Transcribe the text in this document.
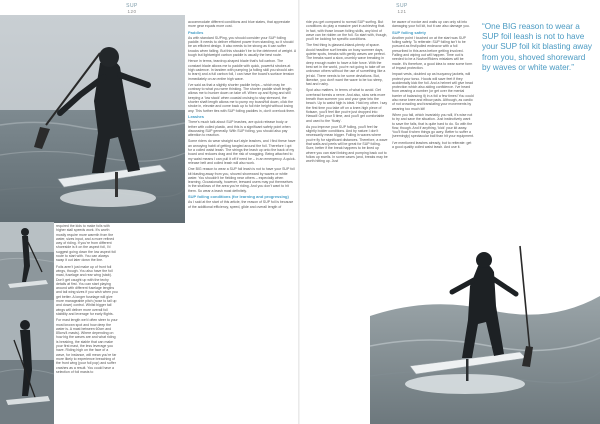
SUP
120

required the kids to make foils with higher stall speeds work. It’s worth mostly require more warmth from the water, sizes input, and a more refined way of riding. If you’re from different shoreside is it on the aspect foil, I’d suggest going down the low aspect foil route to start with. You can always swap it out later down the line.

Foils aren’t just make up of front foil wings, though. You also have the foil mast, fuselage and rear wing (stab). Don’t get caught up with the techy details at first. You can start playing around with different fuselage lengths and tail wing sizes if you wish when you get better. A longer fuselage will give more manageable pitch (nose to tail up and down) control. Whilst bigger tail wings will deliver more overall foil stability and leverage for early flights.

For mast length we’d often steer to your most known spot and how deep the water is. A mast between 60cm and 85cm/4 masts). Where depending on how big the waves are and what riding is breaking, the stable that can make your first mast, the less leverage you have. Riding high on the face of a wave, for instance, will mean you’re far more likely to experience breaching of the front wing (your foil pop) and suffer crashes as a result. You could have a selection of foil masts to

accommodate different conditions and blue states, that appreciate more gear equals more cost.

Paddles

As with standard SUPing, you should consider your SUP foiling paddle. It needs to deliver efficient power from standing, so it should be an efficient design. It also needs to be strong as it can suffer knocks when falling. But this shouldn’t be to the detriment of weight. A tough but lightweight carbon paddle is usually the best route.

Hence in terms, teardrop-shaped blade that’s full carbon. The constant blade allows me to paddle with quick, powerful strokes at high cadence. In tandem with pumping (a foiling skill you should aim to learn) and a full carbon foil, I can have the board’s surface tension immediately on an entire high wave.

I’ve said as that a slightly shorter paddle helps – which may be contrary to what you were thinking. The shorter paddle shaft length allows me to hunker down on take off. When up and flying and still keeping a ‘low stack’ when coastal cruising to stay stressed, the shorter shaft length allows me to pump my board/foil down, click the stroke in, elevate and come back up to full ride height without losing any. This further ties with SUP foiling paddles in, don’t overlook them.

Leashes

There’s much talk about SUP leashes, are quick release body or tether with coiled plastic, and this is a significant safety point when discussing SUP generally. With SUP foiling, you should also pay attention to reaction.

Some riders do wear straight surf-style leashes, and I find these have an annoying habit of getting tangled around the foil. Therefore I opt for a coiled waist leash. The strings the leash up onto the back of my board and reduces drag and the risk of snagging. Being attached to my waist means I can pull it off if need be – in an emergency. A quick-release belt and coiled leash will also work.

One BIG reason to wear a SUP foil leash is not to have your SUP foil kit blasting away from you, shoved shoreward by waves or white water. You shouldn’t be fielding near others – especially when learning. Occasionally, however, leeward users may put themselves in the shallows of the area you’re riding. And you don’t want to hit them. So wear a leash most definitely.

SUP foiling conditions (for learning and progressing)

As I said at the start of this article, the reason of SUP foil is because of the additional efficiency, speed, glide and overall length of

SUP
121

ride you get compared to normal SUP surfing. But conditions do play a massive part in achieving that. In fact, with those known foiling skills, any kind of wave can be ridden on the foil. So start with, though, you’ll be looking for specific conditions.

The first thing is glassed-inland-plenty of space. Avoid headline surf breaks on busy summer days, quieter spots, breaks with gently waves are perfect. The breaks want a slow, crumbly wave breaking in deep enough water to have a tide force. With the best set in the world, you’re not going to take off on unknown others without the use of something like a jet ski. There needs to be some deviations. But, likewise, you don’t want the wave to be too steep, fast and rushy.

Spot also matters. In terms of what to avoid. Get overhead forests a nerve. And also, slow sets more breath than summer you and your gear into the beach. Up to waist high is ideal. Hold my other. I say the first time you take off on a knee-high piece of flotsam, you’ll feel like you’re just dropped into Hawaii! Get your 5 time, and you’ll get comfortable and used to the ‘floaty’.

As you improve your SUP foiling, you’ll feel far slightly bolder conditions. And by nature I don’t necessarily mean bigger. Foiling in waves where you’re fly for significant distances. Therefore, a wave that walls and peels will be great for SUP foiling. Sure, better if the break happens to be lined up where you can start linking and pumping back out to follow up swells. In some cases (and, breaks may be worth hitting up. Just

be aware of novice and waits up can only sit into damaging your foil kit, but it can also damage you.

SUP foiling safety

Another point I touched on at the start was SUP foiling safety. To reiterate: SUP foiling isn’t to be pursued as first/pulled endeavor with a foil prescribed in this area before getting involved. Falling and wiping out will happen. Time out is needed to be a Novice/Riders mistakes will be made. It’s therefore, a good idea to wear some form of impact protection.

Impact vests, doubled up as buoyancy jackets, will protect your torso. Hoods will save feet if they accidentally kick the foil. And a helmet will give head protection which also aiding confidence. I’ve heard from wearing a number (or get over the mental barrier of balancing it) in a foil a few times! You could also wear knee and elbow pads. Although, as cardio of not crowding and translating your movements by wearing too much kit!

When you fall, which invariably you will, it’s wise not to try and save the situation. Just instinctively want to save the falls, that is quite hard to do. So with the flow, though. And if anything, ‘kick’ your kit away. You’ll float it when things go awry. Better to suffer a (seemingly) spectacular bail than hit your equipment.

I’ve mentioned leashes already, but to reiterate: get a good quality coiled waist leash. And use it.

“One BIG reason to wear a SUP foil leash is not to have your SUP foil kit blasting away from you, shoved shoreward by waves or white water.”
